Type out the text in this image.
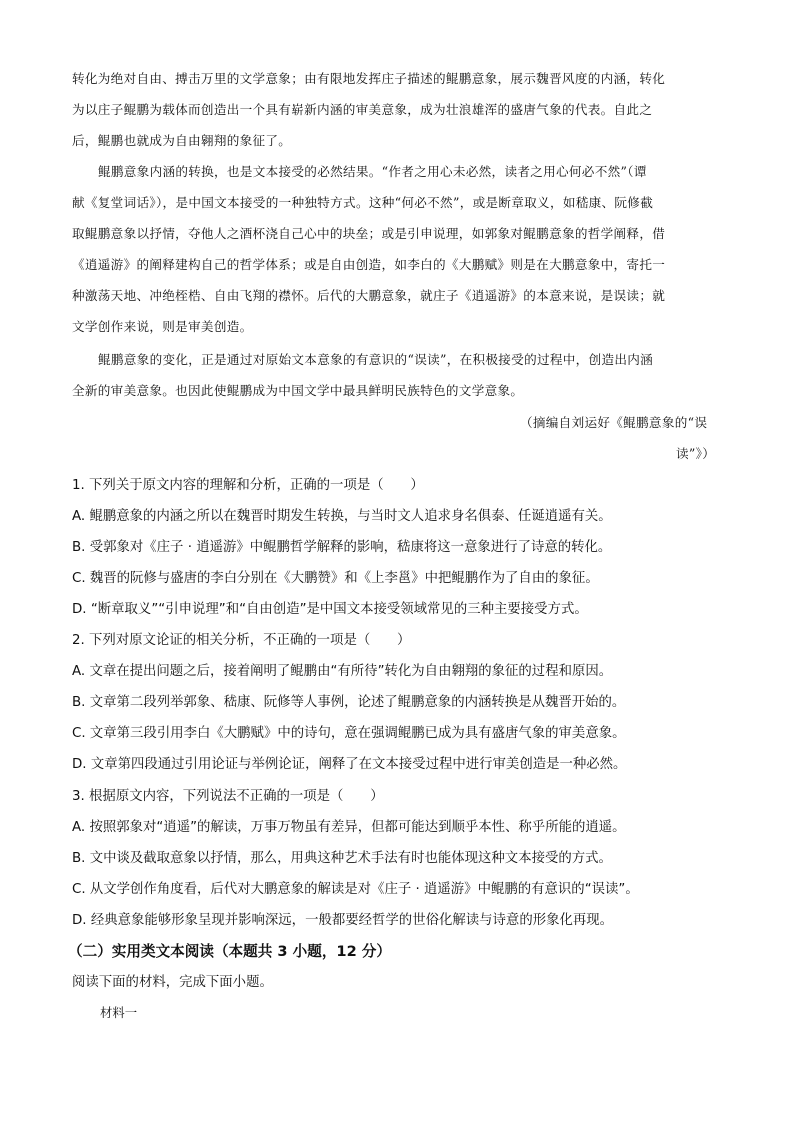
转化为绝对自由、搏击万里的文学意象；由有限地发挥庄子描述的鲲鹏意象，展示魏晋风度的内涵，转化
为以庄子鲲鹏为载体而创造出一个具有崭新内涵的审美意象，成为壮浪雄浑的盛唐气象的代表。自此之
后，鲲鹏也就成为自由翱翔的象征了。
鲲鹏意象内涵的转换，也是文本接受的必然结果。“作者之用心未必然，读者之用心何必不然”（谭
献《复堂词话》），是中国文本接受的一种独特方式。这种“何必不然”，或是断章取义，如嵇康、阮修截
取鲲鹏意象以抒情，夺他人之酒杯浇自己心中的块垒；或是引申说理，如郭象对鲲鹏意象的哲学阐释，借
《逍遥游》的阐释建构自己的哲学体系；或是自由创造，如李白的《大鹏赋》则是在大鹏意象中，寄托一
种激荡天地、冲绝桎梏、自由飞翔的襟怀。后代的大鹏意象，就庄子《逍遥游》的本意来说，是误读；就
文学创作来说，则是审美创造。
鲲鹏意象的变化，正是通过对原始文本意象的有意识的“误读”，在积极接受的过程中，创造出内涵
全新的审美意象。也因此使鲲鹏成为中国文学中最具鲜明民族特色的文学意象。
（摘编自刘运好《鲲鹏意象的“误
读”》）
1. 下列关于原文内容的理解和分析，正确的一项是（　　）
A. 鲲鹏意象的内涵之所以在魏晋时期发生转换，与当时文人追求身名俱泰、任诞逍遥有关。
B. 受郭象对《庄子 · 逍遥游》中鲲鹏哲学解释的影响，嵇康将这一意象进行了诗意的转化。
C. 魏晋的阮修与盛唐的李白分别在《大鹏赞》和《上李邕》中把鲲鹏作为了自由的象征。
D. “断章取义”“引申说理”和“自由创造”是中国文本接受领域常见的三种主要接受方式。
2. 下列对原文论证的相关分析，不正确的一项是（　　）
A. 文章在提出问题之后，接着阐明了鲲鹏由“有所待”转化为自由翱翔的象征的过程和原因。
B. 文章第二段列举郭象、嵇康、阮修等人事例，论述了鲲鹏意象的内涵转换是从魏晋开始的。
C. 文章第三段引用李白《大鹏赋》中的诗句，意在强调鲲鹏已成为具有盛唐气象的审美意象。
D. 文章第四段通过引用论证与举例论证，阐释了在文本接受过程中进行审美创造是一种必然。
3. 根据原文内容，下列说法不正确的一项是（　　）
A. 按照郭象对“逍遥”的解读，万事万物虽有差异，但都可能达到顺乎本性、称乎所能的逍遥。
B. 文中谈及截取意象以抒情，那么，用典这种艺术手法有时也能体现这种文本接受的方式。
C. 从文学创作角度看，后代对大鹏意象的解读是对《庄子 · 逍遥游》中鲲鹏的有意识的“误读”。
D. 经典意象能够形象呈现并影响深远，一般都要经哲学的世俗化解读与诗意的形象化再现。
（二）实用类文本阅读（本题共 3 小题，12 分）
阅读下面的材料，完成下面小题。
材料一
